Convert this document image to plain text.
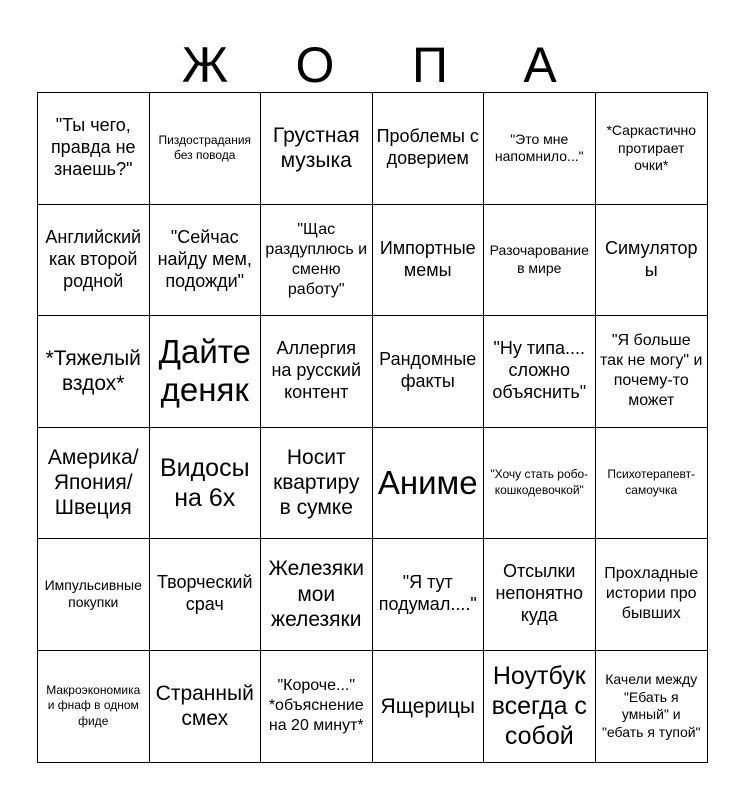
Ж	О	П	А
"Ты чего, правда не знаешь?"
Пиздострадания без повода
Грустная музыка
Проблемы с доверием
"Это мне напомнило..."
*Саркастично протирает очки*
Английский как второй родной
"Сейчас найду мем, подожди"
"Щас раздуплюсь и сменю работу"
Импортные мемы
Разочарование в мире
Симуляторы
*Тяжелый вздох*
Дайте деняк
Аллергия на русский контент
Рандомные факты
"Ну типа.... сложно объяснить"
"Я больше так не могу" и почему-то может
Америка/ Япония/ Швеция
Видосы на 6x
Носит квартиру в сумке
Аниме	"Хочу стать робо-кошкодевочкой"
Психотерапевт-самоучка
Импульсивные покупки
Творческий срач
Железяки мои железяки
"Я тут подумал...."
Отсылки непонятно куда
Прохладные истории про бывших
Макроэкономика и фнаф в одном фиде
Странный смех
"Короче..." *объяснение на 20 минут*
Ящерицы
Ноутбук всегда с собой
Качели между "Ебать я умный" и "ебать я тупой"
